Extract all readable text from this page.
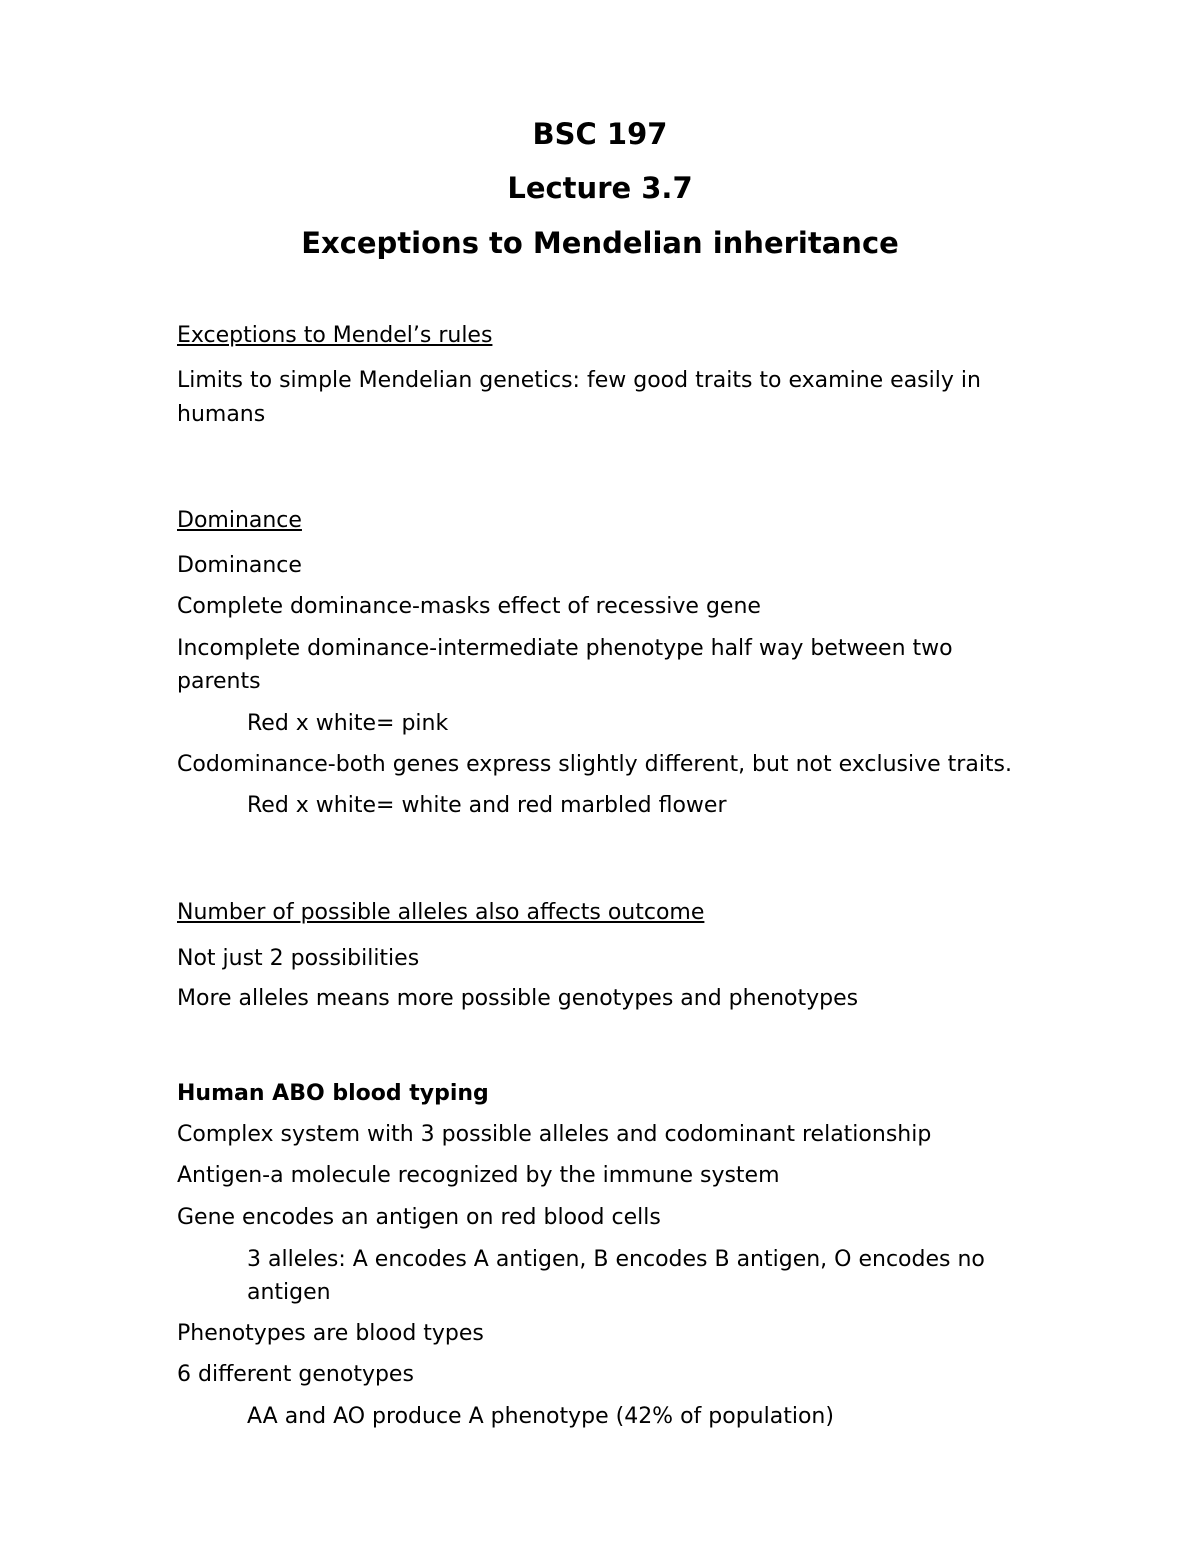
BSC 197
Lecture 3.7
Exceptions to Mendelian inheritance

Exceptions to Mendel’s rules

Limits to simple Mendelian genetics: few good traits to examine easily in

humans

Dominance

Dominance

Complete dominance-masks effect of recessive gene

Incomplete dominance-intermediate phenotype half way between two

parents

Red x white= pink

Codominance-both genes express slightly different, but not exclusive traits.

Red x white= white and red marbled flower

Number of possible alleles also affects outcome

Not just 2 possibilities

More alleles means more possible genotypes and phenotypes

Human ABO blood typing

Complex system with 3 possible alleles and codominant relationship

Antigen-a molecule recognized by the immune system

Gene encodes an antigen on red blood cells

3 alleles: A encodes A antigen, B encodes B antigen, O encodes no

antigen

Phenotypes are blood types

6 different genotypes

AA and AO produce A phenotype (42% of population)
